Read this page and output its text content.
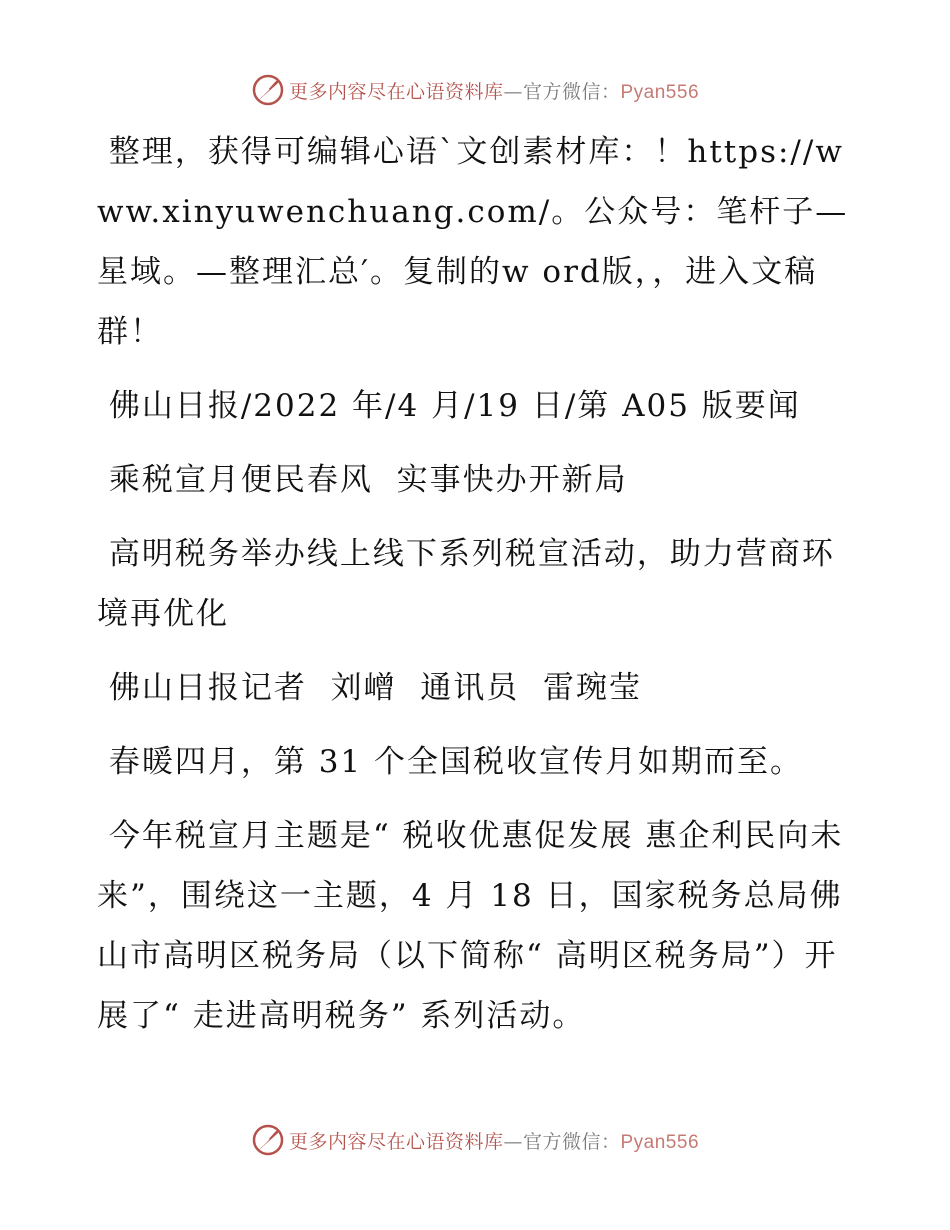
更多内容尽在心语资料库—官方微信：Pyan556

整理，获得可编辑心语`文创素材库：！https://www.xinyuwenchuang.com/。公众号：笔杆子—星域。—整理汇总′。复制的w ord版，，进入文稿群！

佛山日报/2022 年/4 月/19 日/第 A05 版要闻

乘税宣月便民春风  实事快办开新局

高明税务举办线上线下系列税宣活动，助力营商环境再优化

佛山日报记者  刘嶒  通讯员  雷琬莹

春暖四月，第 31 个全国税收宣传月如期而至。

今年税宣月主题是“ 税收优惠促发展 惠企利民向未来”，围绕这一主题，4 月 18 日，国家税务总局佛山市高明区税务局（以下简称“ 高明区税务局”）开展了“ 走进高明税务” 系列活动。

更多内容尽在心语资料库—官方微信：Pyan556
